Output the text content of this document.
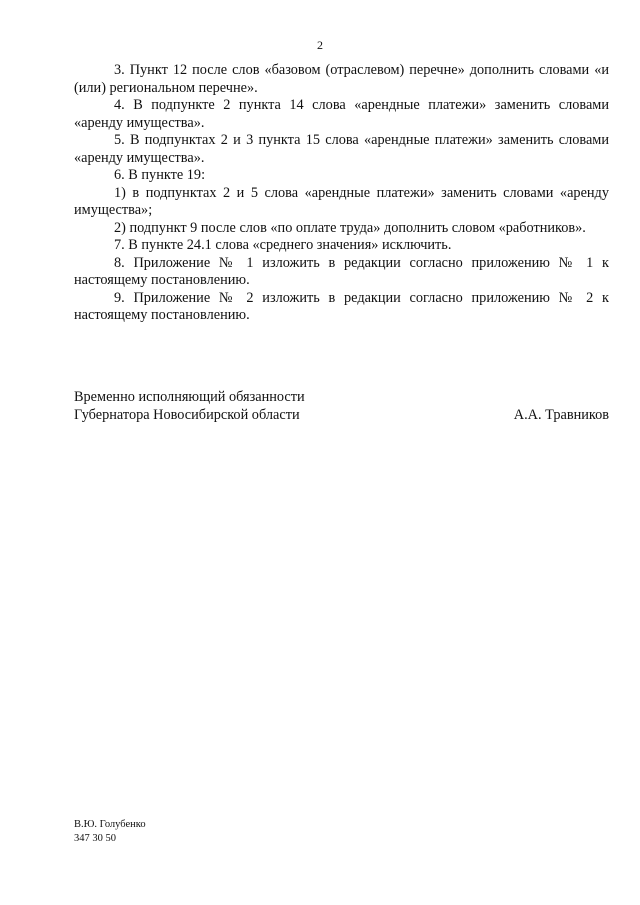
2

3. Пункт 12 после слов «базовом (отраслевом) перечне» дополнить словами «и (или) региональном перечне».

4. В подпункте 2 пункта 14 слова «арендные платежи» заменить словами «аренду имущества».

5. В подпунктах 2 и 3 пункта 15 слова «арендные платежи» заменить словами «аренду имущества».

6. В пункте 19:

1) в подпунктах 2 и 5 слова «арендные платежи» заменить словами «аренду имущества»;

2) подпункт 9 после слов «по оплате труда» дополнить словом «работников».

7. В пункте 24.1 слова «среднего значения» исключить.

8. Приложение № 1 изложить в редакции согласно приложению № 1 к настоящему постановлению.

9. Приложение № 2 изложить в редакции согласно приложению № 2 к настоящему постановлению.

Временно исполняющий обязанности
Губернатора Новосибирской области	А.А. Травников
В.Ю. Голубенко
347 30 50
